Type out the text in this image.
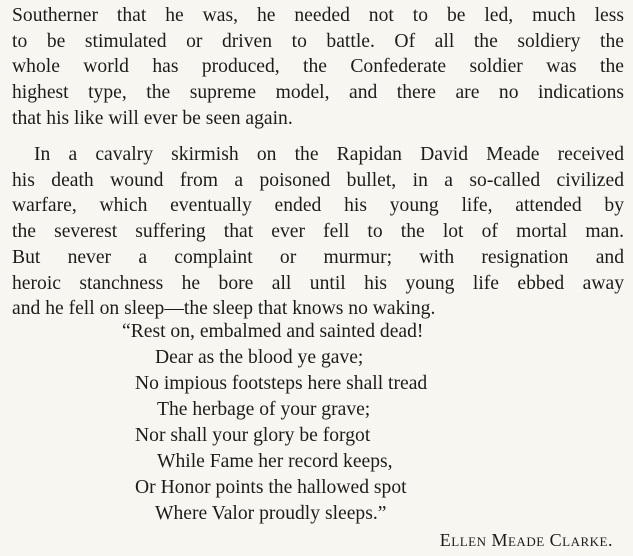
Southerner that he was, he needed not to be led, much less
to be stimulated or driven to battle. Of all the soldiery the
whole world has produced, the Confederate soldier was the
highest type, the supreme model, and there are no indications
that his like will ever be seen again.
In a cavalry skirmish on the Rapidan David Meade received
his death wound from a poisoned bullet, in a so-called civilized
warfare, which eventually ended his young life, attended by
the severest suffering that ever fell to the lot of mortal man.
But never a complaint or murmur; with resignation and
heroic stanchness he bore all until his young life ebbed away
and he fell on sleep—the sleep that knows no waking.
“Rest on, embalmed and sainted dead!
Dear as the blood ye gave;
No impious footsteps here shall tread
The herbage of your grave;
Nor shall your glory be forgot
While Fame her record keeps,
Or Honor points the hallowed spot
Where Valor proudly sleeps.”
Ellen Meade Clarke.
